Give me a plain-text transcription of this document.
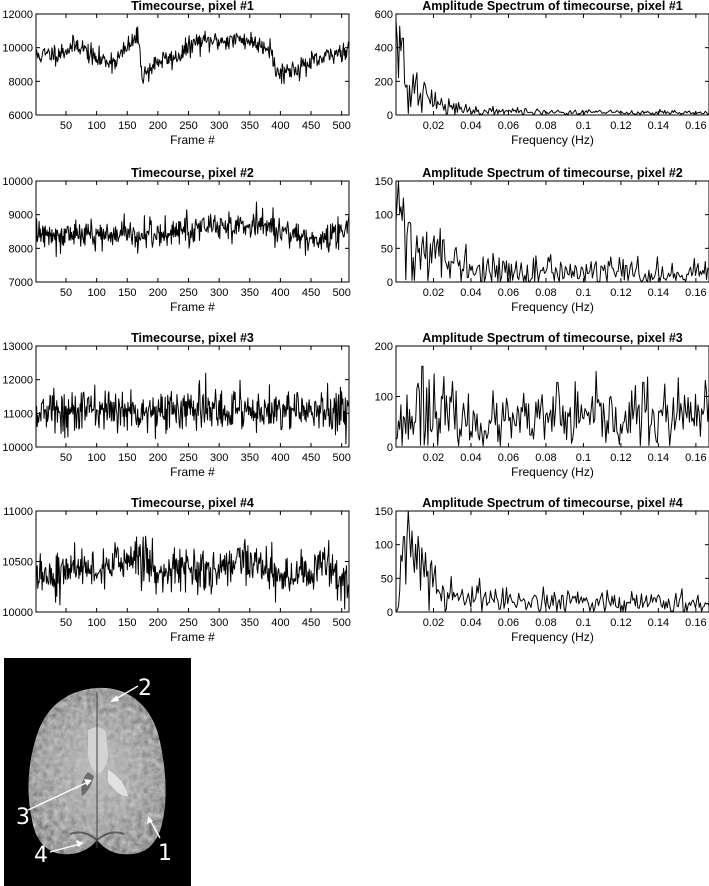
Timecourse, pixel #1
50 100 150 200 250 300 350 400 450 500
6000
8000
10000
12000
Frame #
Amplitude Spectrum of timecourse, pixel #1
0.02 0.04 0.06 0.08 0.1 0.12 0.14 0.16
0
200
400
600
Frequency (Hz)
Timecourse, pixel #2
50 100 150 200 250 300 350 400 450 500
7000
8000
9000
10000
Frame #
Amplitude Spectrum of timecourse, pixel #2
0.02 0.04 0.06 0.08 0.1 0.12 0.14 0.16
0
50
100
150
Frequency (Hz)
Timecourse, pixel #3
50 100 150 200 250 300 350 400 450 500
10000
11000
12000
13000
Frame #
Amplitude Spectrum of timecourse, pixel #3
0.02 0.04 0.06 0.08 0.1 0.12 0.14 0.16
0
100
200
Frequency (Hz)
Timecourse, pixel #4
50 100 150 200 250 300 350 400 450 500
10000
10500
11000
Frame #
Amplitude Spectrum of timecourse, pixel #4
0.02 0.04 0.06 0.08 0.1 0.12 0.14 0.16
0
50
100
150
Frequency (Hz)
2
3
4	1
